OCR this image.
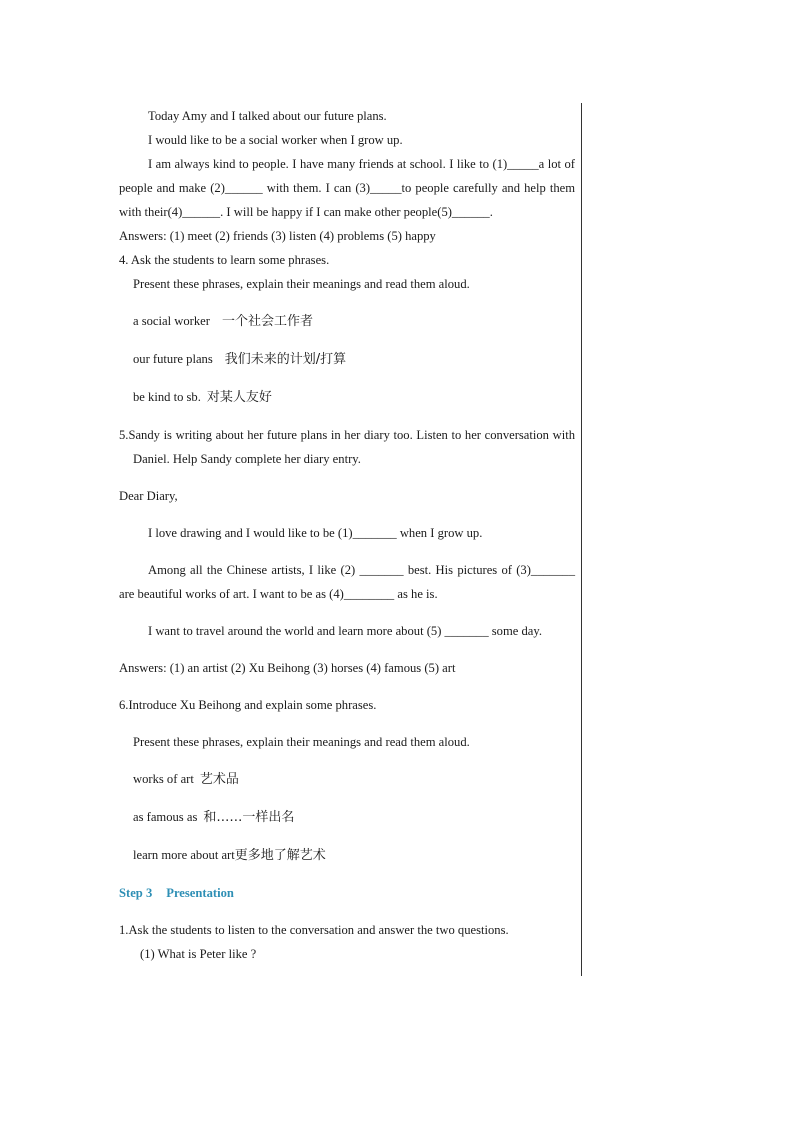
Today Amy and I talked about our future plans.

I would like to be a social worker when I grow up.

I am always kind to people. I have many friends at school. I like to (1)_____a lot of people and make (2)______ with them. I can (3)_____to people carefully and help them with their(4)______. I will be happy if I can make other people(5)______.

Answers: (1) meet (2) friends (3) listen (4) problems (5) happy

4. Ask the students to learn some phrases.

Present these phrases, explain their meanings and read them aloud.

a social worker 一个社会工作者

our future plans 我们未来的计划/打算

be kind to sb. 对某人友好

5.Sandy is writing about her future plans in her diary too. Listen to her conversation with Daniel. Help Sandy complete her diary entry.

Dear Diary,

I love drawing and I would like to be (1)_______ when I grow up.

Among all the Chinese artists, I like (2) _______ best. His pictures of (3)_______ are beautiful works of art. I want to be as (4)________ as he is.

I want to travel around the world and learn more about (5) _______ some day.

Answers: (1) an artist (2) Xu Beihong (3) horses (4) famous (5) art

6.Introduce Xu Beihong and explain some phrases.

Present these phrases, explain their meanings and read them aloud.

works of art 艺术品

as famous as 和……一样出名

learn more about art更多地了解艺术

Step 3 Presentation

1.Ask the students to listen to the conversation and answer the two questions.

(1) What is Peter like ?
